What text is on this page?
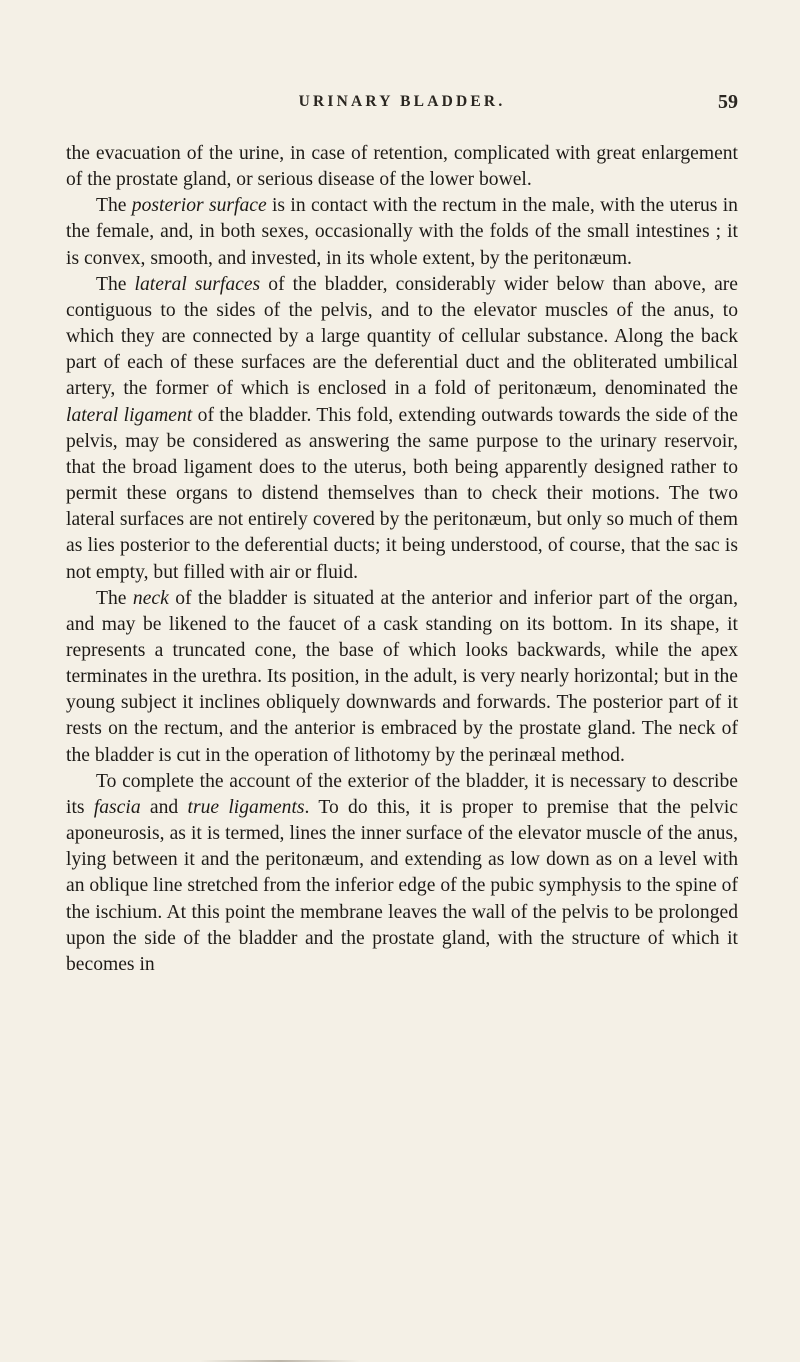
URINARY BLADDER.	59

the evacuation of the urine, in case of retention, complicated with great enlargement of the prostate gland, or serious disease of the lower bowel.

The posterior surface is in contact with the rectum in the male, with the uterus in the female, and, in both sexes, occasionally with the folds of the small intestines ; it is convex, smooth, and invested, in its whole extent, by the peritonæum.

The lateral surfaces of the bladder, considerably wider below than above, are contiguous to the sides of the pelvis, and to the elevator muscles of the anus, to which they are connected by a large quantity of cellular substance. Along the back part of each of these surfaces are the deferential duct and the obliterated umbilical artery, the former of which is enclosed in a fold of peritonæum, denominated the lateral ligament of the bladder. This fold, extending outwards towards the side of the pelvis, may be considered as answering the same purpose to the urinary reservoir, that the broad ligament does to the uterus, both being apparently designed rather to permit these organs to distend themselves than to check their motions. The two lateral surfaces are not entirely covered by the peritonæum, but only so much of them as lies posterior to the deferential ducts; it being understood, of course, that the sac is not empty, but filled with air or fluid.

The neck of the bladder is situated at the anterior and inferior part of the organ, and may be likened to the faucet of a cask standing on its bottom. In its shape, it represents a truncated cone, the base of which looks backwards, while the apex terminates in the urethra. Its position, in the adult, is very nearly horizontal; but in the young subject it inclines obliquely downwards and forwards. The posterior part of it rests on the rectum, and the anterior is embraced by the prostate gland. The neck of the bladder is cut in the operation of lithotomy by the perinæal method.

To complete the account of the exterior of the bladder, it is necessary to describe its fascia and true ligaments. To do this, it is proper to premise that the pelvic aponeurosis, as it is termed, lines the inner surface of the elevator muscle of the anus, lying between it and the peritonæum, and extending as low down as on a level with an oblique line stretched from the inferior edge of the pubic symphysis to the spine of the ischium. At this point the membrane leaves the wall of the pelvis to be prolonged upon the side of the bladder and the prostate gland, with the structure of which it becomes in
